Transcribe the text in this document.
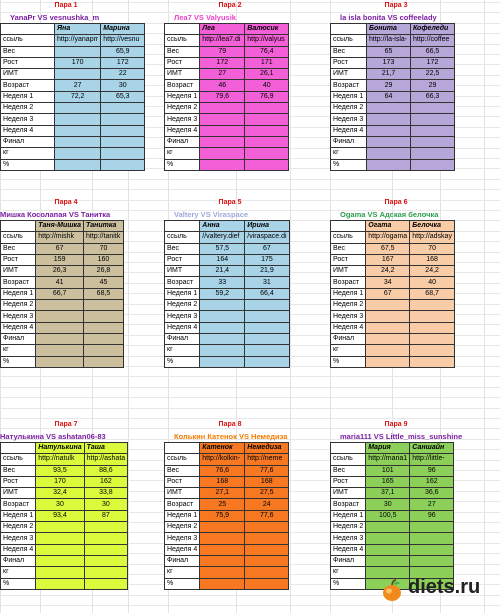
Пара 1
YanaPr VS vesnushka_m
	Яна	Марина
ссыль	http://yanaprr	http://vesnu
Вес		65,9
Рост	170	172
ИМТ		22
Возраст	27	30
Неделя 1	72,2	65,3
Неделя 2		
Неделя 3		
Неделя 4		
Финал		
кг		
%		
Пара 2
Леа7 VS Valyusik
	Леа	Валюсик
ссыль	http://lea7.di	http://valyus
Вес	79	76,4
Рост	172	171
ИМТ	27	26,1
Возраст	46	40
Неделя 1	79,6	76,9
Неделя 2		
Неделя 3		
Неделя 4		
Финал		
кг		
%		
Пара 3
la isla bonita VS coffeelady
	Бонита	Кофеледи
ссыль	http://la-isla-	http://coffee
Вес	65	66,5
Рост	173	172
ИМТ	21,7	22,5
Возраст	29	29
Неделя 1	64	66,3
Неделя 2		
Неделя 3		
Неделя 4		
Финал		
кг		
%		
Пара 4
Мишка Косолапая VS Танитка
	Таня-Мишка	Танитка
ссыль	http://mishk	http://tanitk
Вес	67	70
Рост	159	160
ИМТ	26,3	26,8
Возраст	41	45
Неделя 1	66,7	68,5
Неделя 2		
Неделя 3		
Неделя 4		
Финал		
кг		
%		
Пара 5
Valtery VS Viraspace
	Анна	Ирина
ссыль	//valtery.dief	/viraspace.di
Вес	57,5	67
Рост	164	175
ИМТ	21,4	21,9
Возраст	33	31
Неделя 1	59,2	66,4
Неделя 2		
Неделя 3		
Неделя 4		
Финал		
кг		
%		
Пара 6
Ogama VS Адская белочка
	Огата	Белочка
ссыль	http://ogama	http://adskay
Вес	67,5	70
Рост	167	168
ИМТ	24,2	24,2
Возраст	34	40
Неделя 1	67	68,7
Неделя 2		
Неделя 3		
Неделя 4		
Финал		
кг		
%		
Пара 7
Натулькина VS ashatan06-83
	Натулькина	Таша
ссыль	http://natulk	http://ashata
Вес	93,5	88,6
Рост	170	162
ИМТ	32,4	33,8
Возраст	30	30
Неделя 1	93,4	87
Неделя 2		
Неделя 3		
Неделя 4		
Финал		
кг		
%		
Пара 8
Колькин Катенок VS Немедиза
	Катенок	Немедиза
ссыль	http://kolkin-	http://neme
Вес	76,6	77,6
Рост	168	168
ИМТ	27,1	27,5
Возраст	25	24
Неделя 1	75,9	77,6
Неделя 2		
Неделя 3		
Неделя 4		
Финал		
кг		
%		
Пара 9
maria111 VS Little_miss_sunshine
	Мария	Саншайн
ссыль	http://maria1	http://little-
Вес	101	96
Рост	165	162
ИМТ	37,1	36,6
Возраст	30	27
Неделя 1	100,5	96
Неделя 2		
Неделя 3		
Неделя 4		
Финал		
кг		
%			diets.ru
